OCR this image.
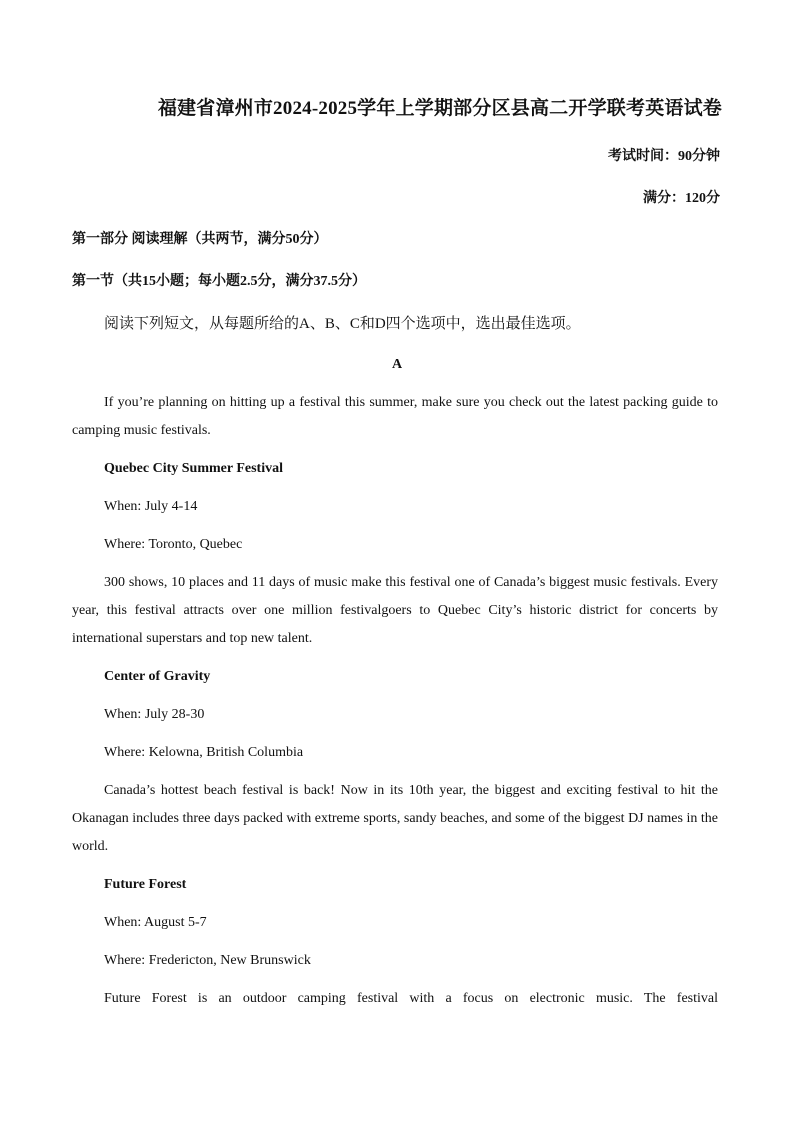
福建省漳州市2024-2025学年上学期部分区县高二开学联考英语试卷
考试时间：90分钟
满分：120分
第一部分 阅读理解（共两节，满分50分）
第一节（共15小题；每小题2.5分，满分37.5分）
阅读下列短文，从每题所给的A、B、C和D四个选项中，选出最佳选项。
A

If you’re planning on hitting up a festival this summer, make sure you check out the latest packing guide to camping music festivals.

Quebec City Summer Festival
When: July 4-14
Where: Toronto, Quebec

300 shows, 10 places and 11 days of music make this festival one of Canada’s biggest music festivals. Every year, this festival attracts over one million festivalgoers to Quebec City’s historic district for concerts by international superstars and top new talent.

Center of Gravity
When: July 28-30
Where: Kelowna, British Columbia

Canada’s hottest beach festival is back! Now in its 10th year, the biggest and exciting festival to hit the Okanagan includes three days packed with extreme sports, sandy beaches, and some of the biggest DJ names in the world.

Future Forest
When: August 5-7
Where: Fredericton, New Brunswick

Future Forest is an outdoor camping festival with a focus on electronic music. The festival
